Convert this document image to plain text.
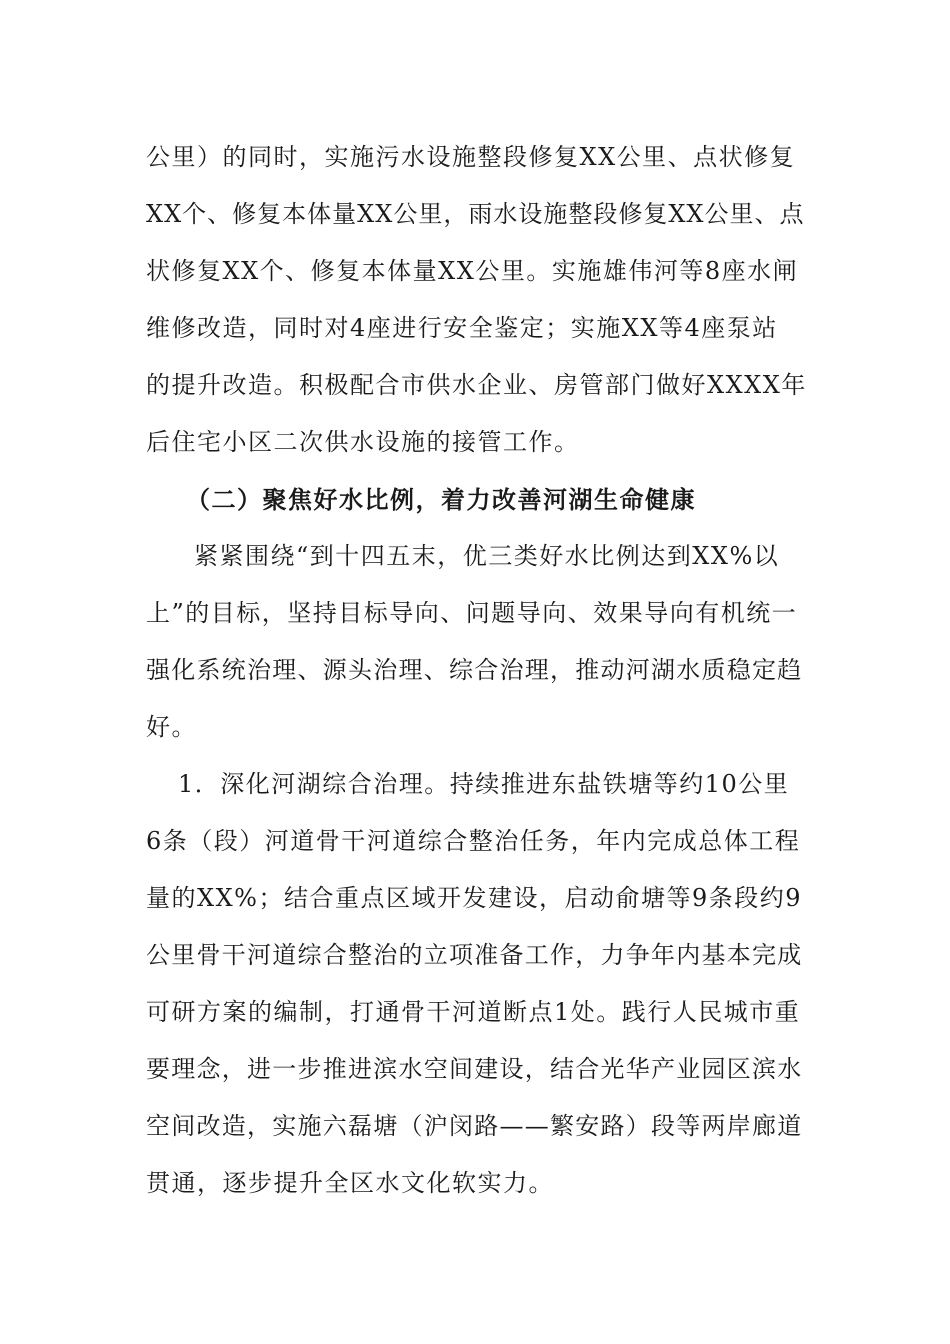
公里）的同时，实施污水设施整段修复XX公里、点状修复
XX个、修复本体量XX公里，雨水设施整段修复XX公里、点
状修复XX个、修复本体量XX公里。实施雄伟河等8座水闸
维修改造，同时对4座进行安全鉴定；实施XX等4座泵站
的提升改造。积极配合市供水企业、房管部门做好XXXX年
后住宅小区二次供水设施的接管工作。
（二）聚焦好水比例，着力改善河湖生命健康
紧紧围绕“到十四五末，优三类好水比例达到XX%以
上”的目标，坚持目标导向、问题导向、效果导向有机统一
强化系统治理、源头治理、综合治理，推动河湖水质稳定趋
好。
1．深化河湖综合治理。持续推进东盐铁塘等约10公里
6条（段）河道骨干河道综合整治任务，年内完成总体工程
量的XX%；结合重点区域开发建设，启动俞塘等9条段约9
公里骨干河道综合整治的立项准备工作，力争年内基本完成
可研方案的编制，打通骨干河道断点1处。践行人民城市重
要理念，进一步推进滨水空间建设，结合光华产业园区滨水
空间改造，实施六磊塘（沪闵路——繁安路）段等两岸廊道
贯通，逐步提升全区水文化软实力。
